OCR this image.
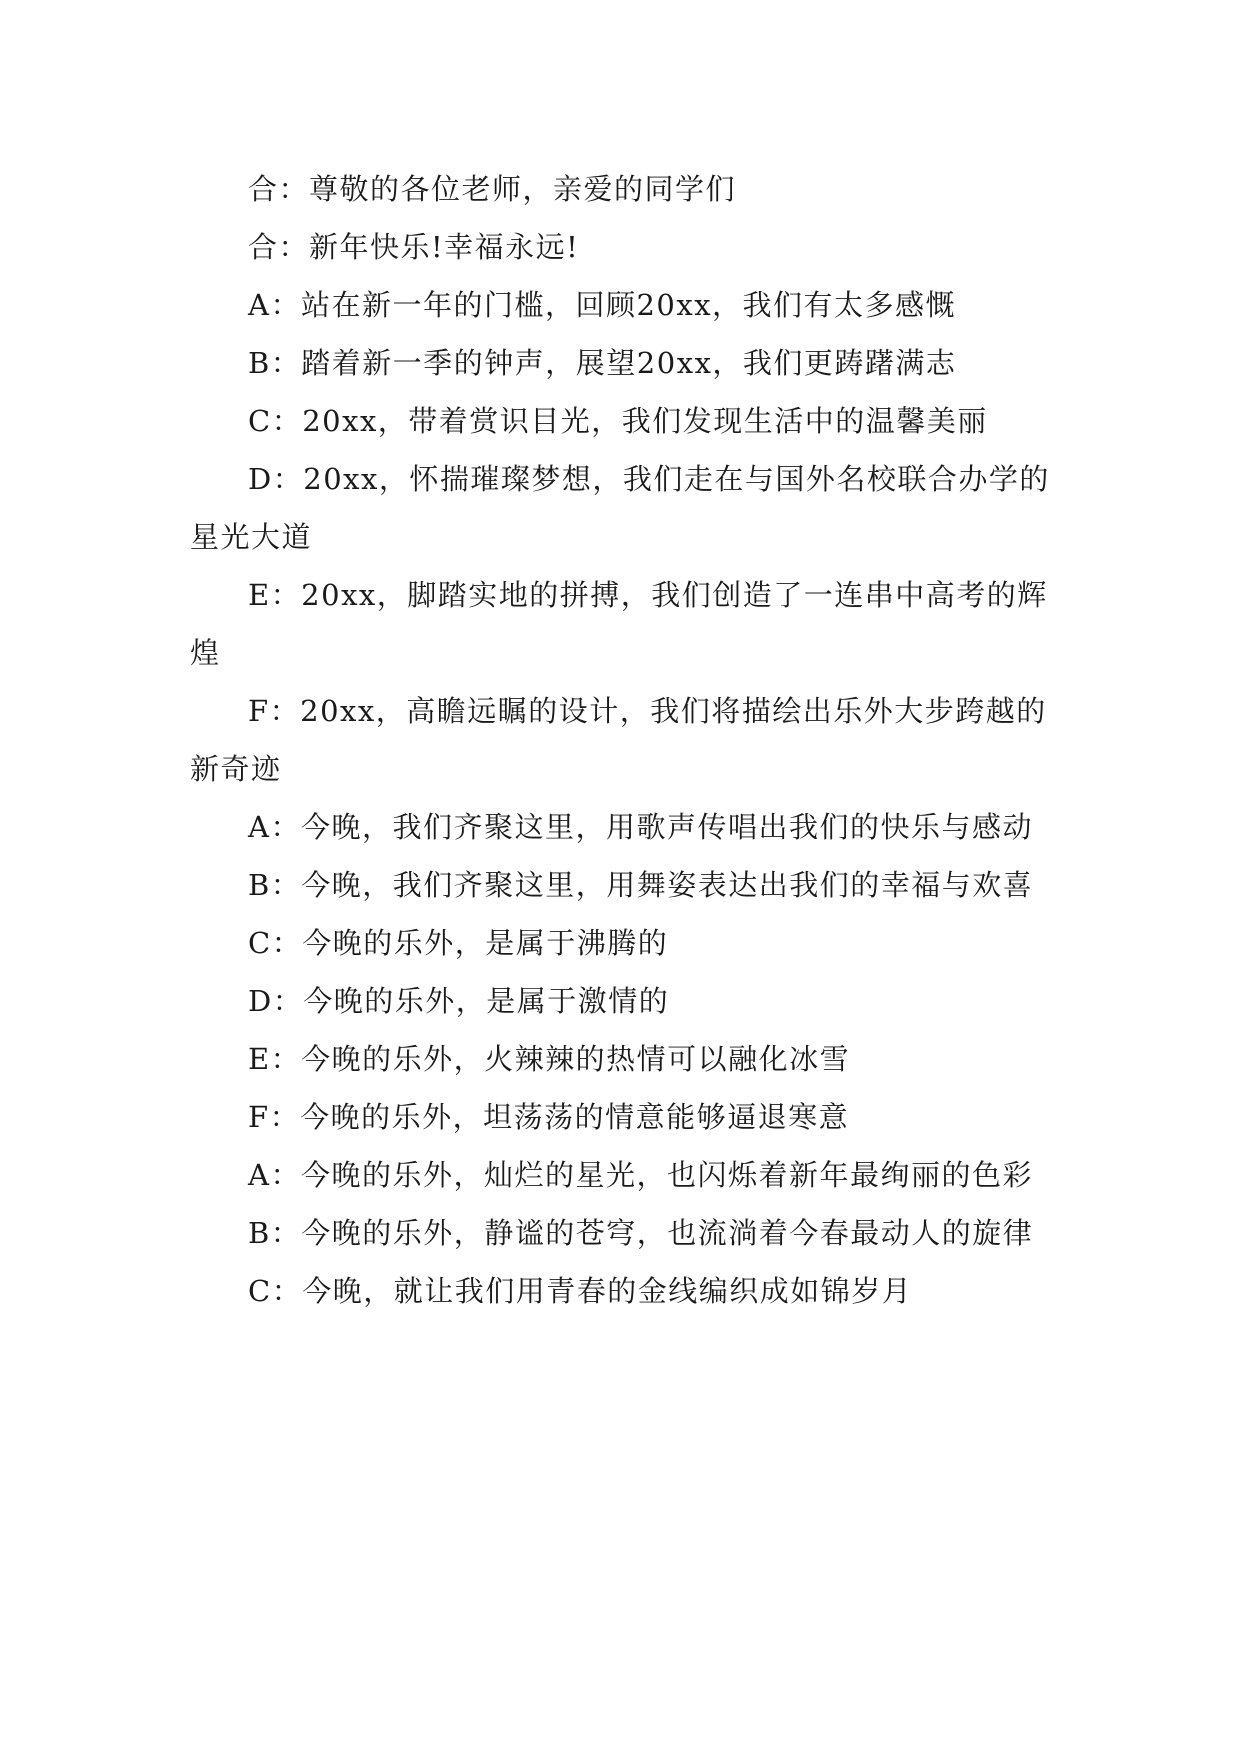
合：尊敬的各位老师，亲爱的同学们

合：新年快乐!幸福永远!

A：站在新一年的门槛，回顾20xx，我们有太多感慨

B：踏着新一季的钟声，展望20xx，我们更踌躇满志

C：20xx，带着赏识目光，我们发现生活中的温馨美丽

D：20xx，怀揣璀璨梦想，我们走在与国外名校联合办学的星光大道

E：20xx，脚踏实地的拼搏，我们创造了一连串中高考的辉煌

F：20xx，高瞻远瞩的设计，我们将描绘出乐外大步跨越的新奇迹

A：今晚，我们齐聚这里，用歌声传唱出我们的快乐与感动

B：今晚，我们齐聚这里，用舞姿表达出我们的幸福与欢喜

C：今晚的乐外，是属于沸腾的

D：今晚的乐外，是属于激情的

E：今晚的乐外，火辣辣的热情可以融化冰雪

F：今晚的乐外，坦荡荡的情意能够逼退寒意

A：今晚的乐外，灿烂的星光，也闪烁着新年最绚丽的色彩

B：今晚的乐外，静谧的苍穹，也流淌着今春最动人的旋律

C：今晚，就让我们用青春的金线编织成如锦岁月
